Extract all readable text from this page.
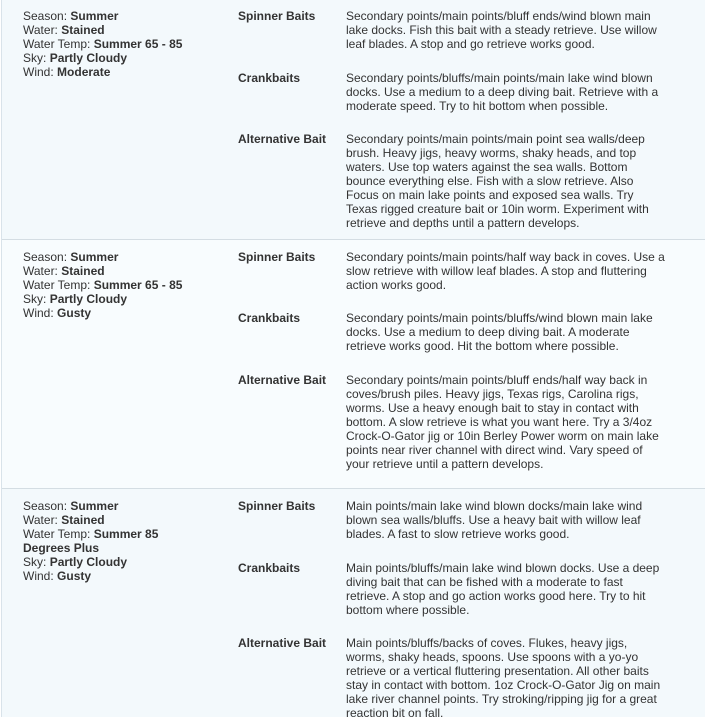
Season: Summer
Water: Stained
Water Temp: Summer 65 - 85
Sky: Partly Cloudy
Wind: Moderate
Spinner Baits	Secondary points/main points/bluff ends/wind blown main lake docks. Fish this bait with a steady retrieve. Use willow leaf blades. A stop and go retrieve works good.
Crankbaits	Secondary points/bluffs/main points/main lake wind blown docks. Use a medium to a deep diving bait. Retrieve with a moderate speed. Try to hit bottom when possible.
Alternative Bait	Secondary points/main points/main point sea walls/deep brush. Heavy jigs, heavy worms, shaky heads, and top waters. Use top waters against the sea walls. Bottom bounce everything else. Fish with a slow retrieve. Also Focus on main lake points and exposed sea walls. Try Texas rigged creature bait or 10in worm. Experiment with retrieve and depths until a pattern develops.
Season: Summer
Water: Stained
Water Temp: Summer 65 - 85
Sky: Partly Cloudy
Wind: Gusty
Spinner Baits	Secondary points/main points/half way back in coves. Use a slow retrieve with willow leaf blades. A stop and fluttering action works good.
Crankbaits	Secondary points/main points/bluffs/wind blown main lake docks. Use a medium to deep diving bait. A moderate retrieve works good. Hit the bottom where possible.
Alternative Bait	Secondary points/main points/bluff ends/half way back in coves/brush piles. Heavy jigs, Texas rigs, Carolina rigs, worms. Use a heavy enough bait to stay in contact with bottom. A slow retrieve is what you want here. Try a 3/4oz Crock-O-Gator jig or 10in Berley Power worm on main lake points near river channel with direct wind. Vary speed of your retrieve until a pattern develops.
Season: Summer
Water: Stained
Water Temp: Summer 85 Degrees Plus
Sky: Partly Cloudy
Wind: Gusty
Spinner Baits	Main points/main lake wind blown docks/main lake wind blown sea walls/bluffs. Use a heavy bait with willow leaf blades. A fast to slow retrieve works good.
Crankbaits	Main points/bluffs/main lake wind blown docks. Use a deep diving bait that can be fished with a moderate to fast retrieve. A stop and go action works good here. Try to hit bottom where possible.
Alternative Bait	Main points/bluffs/backs of coves. Flukes, heavy jigs, worms, shaky heads, spoons. Use spoons with a yo-yo retrieve or a vertical fluttering presentation. All other baits stay in contact with bottom. 1oz Crock-O-Gator Jig on main lake river channel points. Try stroking/ripping jig for a great reaction bit on fall.
